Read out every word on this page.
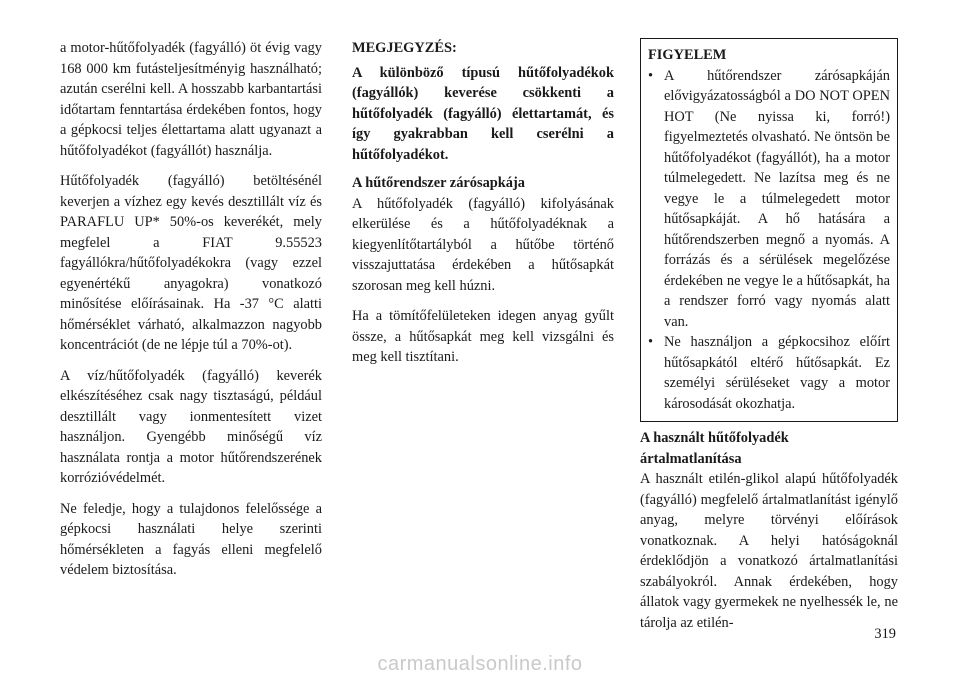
a motor-hűtőfolyadék (fagyálló) öt évig vagy 168 000 km futásteljesítményig használható; azután cserélni kell. A hosszabb karbantartási időtartam fenntartása érdekében fontos, hogy a gépkocsi teljes élettartama alatt ugyanazt a hűtőfolyadékot (fagyállót) használja.

Hűtőfolyadék (fagyálló) betöltésénél keverjen a vízhez egy kevés desztillált víz és PARAFLU UP* 50%-os keverékét, mely megfelel a FIAT 9.55523 fagyállókra/hűtőfolyadékokra (vagy ezzel egyenértékű anyagokra) vonatkozó minősítése előírásainak. Ha -37 °C alatti hőmérséklet várható, alkalmazzon nagyobb koncentrációt (de ne lépje túl a 70%-ot).

A víz/hűtőfolyadék (fagyálló) keverék elkészítéséhez csak nagy tisztaságú, például desztillált vagy ionmentesített vizet használjon. Gyengébb minőségű víz használata rontja a motor hűtőrendszerének korrózióvédelmét.

Ne feledje, hogy a tulajdonos felelőssége a gépkocsi használati helye szerinti hőmérsékleten a fagyás elleni megfelelő védelem biztosítása.

MEGJEGYZÉS:

A különböző típusú hűtőfolyadékok (fagyállók) keverése csökkenti a hűtőfolyadék (fagyálló) élettartamát, és így gyakrabban kell cserélni a hűtőfolyadékot.

A hűtőrendszer zárósapkája

A hűtőfolyadék (fagyálló) kifolyásának elkerülése és a hűtőfolyadéknak a kiegyenlítőtartályból a hűtőbe történő visszajuttatása érdekében a hűtősapkát szorosan meg kell húzni.

Ha a tömítőfelületeken idegen anyag gyűlt össze, a hűtősapkát meg kell vizsgálni és meg kell tisztítani.

FIGYELEM
• A hűtőrendszer zárósapkáján elővigyázatosságból a DO NOT OPEN HOT (Ne nyissa ki, forró!) figyelmeztetés olvasható. Ne öntsön be hűtőfolyadékot (fagyállót), ha a motor túlmelegedett. Ne lazítsa meg és ne vegye le a túlmelegedett motor hűtősapkáját. A hő hatására a hűtőrendszerben megnő a nyomás. A forrázás és a sérülések megelőzése érdekében ne vegye le a hűtősapkát, ha a rendszer forró vagy nyomás alatt van.
• Ne használjon a gépkocsihoz előírt hűtősapkától eltérő hűtősapkát. Ez személyi sérüléseket vagy a motor károsodását okozhatja.
A használt hűtőfolyadék ártalmatlanítása

A használt etilén-glikol alapú hűtőfolyadék (fagyálló) megfelelő ártalmatlanítást igénylő anyag, melyre törvényi előírások vonatkoznak. A helyi hatóságoknál érdeklődjön a vonatkozó ártalmatlanítási szabályokról. Annak érdekében, hogy állatok vagy gyermekek ne nyelhessék le, ne tárolja az etilén-

319
carmanualsonline.info
